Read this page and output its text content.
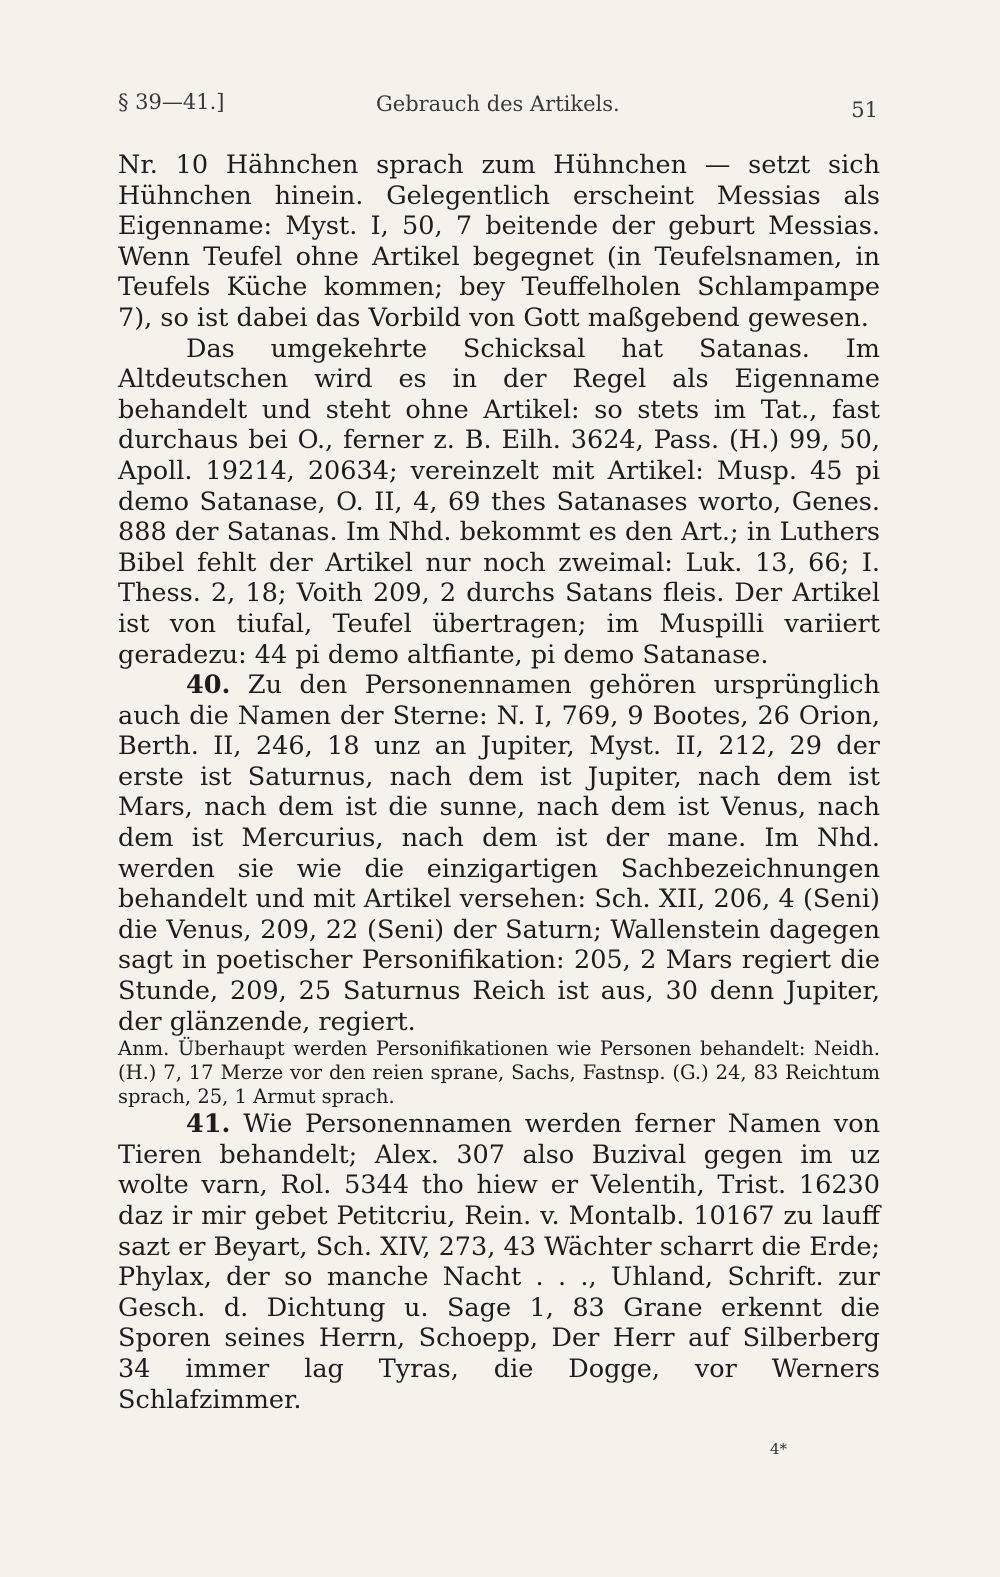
§ 39—41.]	Gebrauch des Artikels.	51

Nr. 10 Hähnchen sprach zum Hühnchen — setzt sich Hühnchen hinein. Gelegentlich erscheint Messias als Eigenname: Myst. I, 50, 7 beitende der geburt Messias. Wenn Teufel ohne Artikel begegnet (in Teufelsnamen, in Teufels Küche kommen; bey Teuffelholen Schlampampe 7), so ist dabei das Vorbild von Gott maßgebend gewesen.

Das umgekehrte Schicksal hat Satanas. Im Altdeutschen wird es in der Regel als Eigenname behandelt und steht ohne Artikel: so stets im Tat., fast durchaus bei O., ferner z. B. Eilh. 3624, Pass. (H.) 99, 50, Apoll. 19214, 20634; vereinzelt mit Artikel: Musp. 45 pi demo Satanase, O. II, 4, 69 thes Satanases worto, Genes. 888 der Satanas. Im Nhd. bekommt es den Art.; in Luthers Bibel fehlt der Artikel nur noch zweimal: Luk. 13, 66; I. Thess. 2, 18; Voith 209, 2 durchs Satans fleis. Der Artikel ist von tiufal, Teufel übertragen; im Muspilli variiert geradezu: 44 pi demo altfiante, pi demo Satanase.

40. Zu den Personennamen gehören ursprünglich auch die Namen der Sterne: N. I, 769, 9 Bootes, 26 Orion, Berth. II, 246, 18 unz an Jupiter, Myst. II, 212, 29 der erste ist Saturnus, nach dem ist Jupiter, nach dem ist Mars, nach dem ist die sunne, nach dem ist Venus, nach dem ist Mercurius, nach dem ist der mane. Im Nhd. werden sie wie die einzigartigen Sachbezeichnungen behandelt und mit Artikel versehen: Sch. XII, 206, 4 (Seni) die Venus, 209, 22 (Seni) der Saturn; Wallenstein dagegen sagt in poetischer Personifikation: 205, 2 Mars regiert die Stunde, 209, 25 Saturnus Reich ist aus, 30 denn Jupiter, der glänzende, regiert.

Anm. Überhaupt werden Personifikationen wie Personen behandelt: Neidh. (H.) 7, 17 Merze vor den reien sprane, Sachs, Fastnsp. (G.) 24, 83 Reichtum sprach, 25, 1 Armut sprach.

41. Wie Personennamen werden ferner Namen von Tieren behandelt; Alex. 307 also Buzival gegen im uz wolte varn, Rol. 5344 tho hiew er Velentih, Trist. 16230 daz ir mir gebet Petitcriu, Rein. v. Montalb. 10167 zu lauff sazt er Beyart, Sch. XIV, 273, 43 Wächter scharrt die Erde; Phylax, der so manche Nacht . . ., Uhland, Schrift. zur Gesch. d. Dichtung u. Sage 1, 83 Grane erkennt die Sporen seines Herrn, Schoepp, Der Herr auf Silberberg 34 immer lag Tyras, die Dogge, vor Werners Schlafzimmer.

4*
